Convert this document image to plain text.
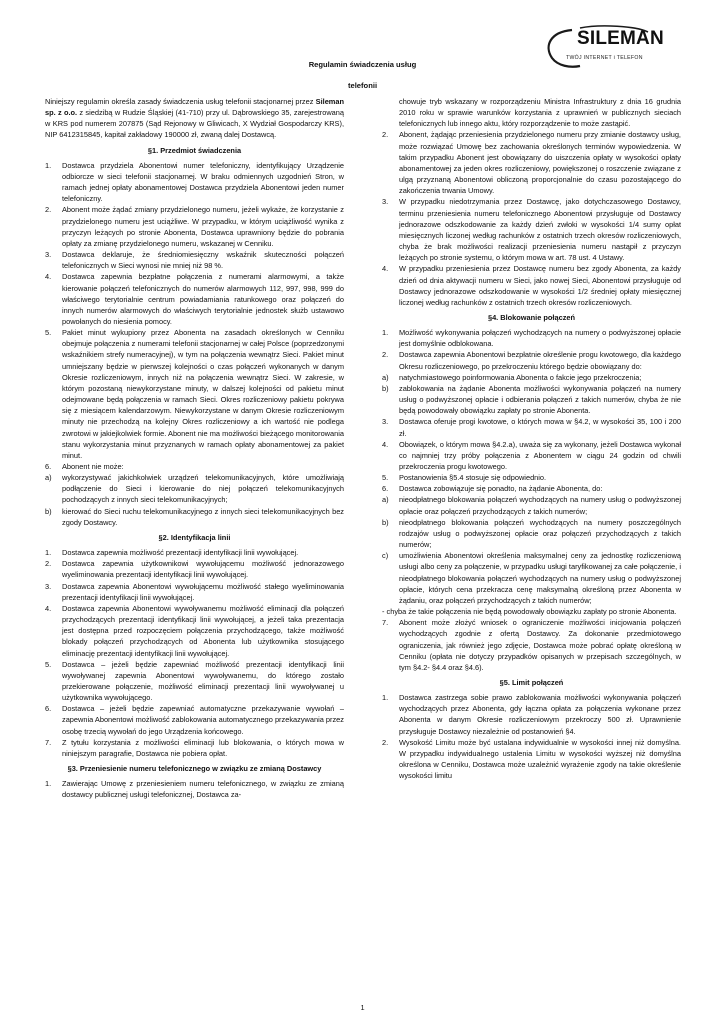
SILEMAN
TWÓJ INTERNET i TELEFON
Regulamin świadczenia usług
telefonii

Niniejszy regulamin określa zasady świadczenia usług telefonii stacjonarnej przez Sileman sp. z o.o. z siedzibą w Rudzie Śląskiej (41-710) przy ul. Dąbrowskiego 35, zarejestrowaną w KRS pod numerem 207875 (Sąd Rejonowy w Gliwicach, X Wydział Gospodarczy KRS), NIP 6412315845, kapitał zakładowy 190000 zł, zwaną dalej Dostawcą.

§1. Przedmiot świadczenia

1. Dostawca przydziela Abonentowi numer telefoniczny, identyfikujący Urządzenie odbiorcze w sieci telefonii stacjonarnej. W braku odmiennych uzgodnień Stron, w ramach jednej opłaty abonamentowej Dostawca przydziela Abonentowi jeden numer telefoniczny.

2. Abonent może żądać zmiany przydzielonego numeru, jeżeli wykaże, że korzystanie z przydzielonego numeru jest uciążliwe. W przypadku, w którym uciążliwość wynika z przyczyn leżących po stronie Abonenta, Dostawca uprawniony będzie do pobrania opłaty za zmianę przydzielonego numeru, wskazanej w Cenniku.

3. Dostawca deklaruje, że średniomiesięczny wskaźnik skuteczności połączeń telefonicznych w Sieci wynosi nie mniej niż 98 %.

4. Dostawca zapewnia bezpłatne połączenia z numerami alarmowymi, a także kierowanie połączeń telefonicznych do numerów alarmowych 112, 997, 998, 999 do właściwego terytorialnie centrum powiadamiania ratunkowego oraz połączeń do innych numerów alarmowych do właściwych terytorialnie jednostek służb ustawowo powołanych do niesienia pomocy.

5. Pakiet minut wykupiony przez Abonenta na zasadach określonych w Cenniku obejmuje połączenia z numerami telefonii stacjonarnej w całej Polsce (poprzedzonymi wskaźnikiem strefy numeracyjnej), w tym na połączenia wewnątrz Sieci. Pakiet minut umniejszany będzie w pierwszej kolejności o czas połączeń wykonanych w danym Okresie rozliczeniowym, innych niż na połączenia wewnątrz Sieci. W zakresie, w którym pozostaną niewykorzystane minuty, w dalszej kolejności od pakietu minut odejmowane będą połączenia w ramach Sieci. Okres rozliczeniowy pakietu pokrywa się z miesiącem kalendarzowym. Niewykorzystane w danym Okresie rozliczeniowym minuty nie przechodzą na kolejny Okres rozliczeniowy a ich wartość nie podlega zwrotowi w jakiejkolwiek formie. Abonent nie ma możliwości bieżącego monitorowania stanu wykorzystania minut przyznanych w ramach opłaty abonamentowej za pakiet minut.

6. Abonent nie może:

a) wykorzystywać jakichkolwiek urządzeń telekomunikacyjnych, które umożliwiają podłączenie do Sieci i kierowanie do niej połączeń telekomunikacyjnych pochodzących z innych sieci telekomunikacyjnych;

b) kierować do Sieci ruchu telekomunikacyjnego z innych sieci telekomunikacyjnych bez zgody Dostawcy.

§2. Identyfikacja linii

1. Dostawca zapewnia możliwość prezentacji identyfikacji linii wywołującej.

2. Dostawca zapewnia użytkownikowi wywołującemu możliwość jednorazowego wyeliminowania prezentacji identyfikacji linii wywołującej.

3. Dostawca zapewnia Abonentowi wywołującemu możliwość stałego wyeliminowania prezentacji identyfikacji linii wywołującej.

4. Dostawca zapewnia Abonentowi wywoływanemu możliwość eliminacji dla połączeń przychodzących prezentacji identyfikacji linii wywołującej, a jeżeli taka prezentacja jest dostępna przed rozpoczęciem połączenia przychodzącego, także możliwość blokady połączeń przychodzących od Abonenta lub użytkownika stosującego eliminację prezentacji identyfikacji linii wywołującej.

5. Dostawca – jeżeli będzie zapewniać możliwość prezentacji identyfikacji linii wywoływanej zapewnia Abonentowi wywoływanemu, do którego zostało przekierowane połączenie, możliwość eliminacji prezentacji linii wywoływanej u użytkownika wywołującego.

6. Dostawca – jeżeli będzie zapewniać automatyczne przekazywanie wywołań – zapewnia Abonentowi możliwość zablokowania automatycznego przekazywania przez osobę trzecią wywołań do jego Urządzenia końcowego.

7. Z tytułu korzystania z możliwości eliminacji lub blokowania, o których mowa w niniejszym paragrafie, Dostawca nie pobiera opłat.

§3. Przeniesienie numeru telefonicznego w związku ze zmianą Dostawcy

1. Zawierając Umowę z przeniesieniem numeru telefonicznego, w związku ze zmianą dostawcy publicznej usługi telefonicznej, Dostawca za-

chowuje tryb wskazany w rozporządzeniu Ministra Infrastruktury z dnia 16 grudnia 2010 roku w sprawie warunków korzystania z uprawnień w publicznych sieciach telefonicznych lub innego aktu, który rozporządzenie to może zastąpić.

2. Abonent, żądając przeniesienia przydzielonego numeru przy zmianie dostawcy usług, może rozwiązać Umowę bez zachowania określonych terminów wypowiedzenia. W takim przypadku Abonent jest obowiązany do uiszczenia opłaty w wysokości opłaty abonamentowej za jeden okres rozliczeniowy, powiększonej o roszczenie związane z ulgą przyznaną Abonentowi obliczoną proporcjonalnie do czasu pozostającego do zakończenia trwania Umowy.

3. W przypadku niedotrzymania przez Dostawcę, jako dotychczasowego Dostawcy, terminu przeniesienia numeru telefonicznego Abonentowi przysługuje od Dostawcy jednorazowe odszkodowanie za każdy dzień zwłoki w wysokości 1/4 sumy opłat miesięcznych liczonej według rachunków z ostatnich trzech okresów rozliczeniowych, chyba że brak możliwości realizacji przeniesienia numeru nastąpił z przyczyn leżących po stronie systemu, o którym mowa w art. 78 ust. 4 Ustawy.

4. W przypadku przeniesienia przez Dostawcę numeru bez zgody Abonenta, za każdy dzień od dnia aktywacji numeru w Sieci, jako nowej Sieci, Abonentowi przysługuje od Dostawcy jednorazowe odszkodowanie w wysokości 1/2 średniej opłaty miesięcznej liczonej według rachunków z ostatnich trzech okresów rozliczeniowych.

§4. Blokowanie połączeń

1. Możliwość wykonywania połączeń wychodzących na numery o podwyższonej opłacie jest domyślnie odblokowana.

2. Dostawca zapewnia Abonentowi bezpłatnie określenie progu kwotowego, dla każdego Okresu rozliczeniowego, po przekroczeniu którego będzie obowiązany do:

a) natychmiastowego poinformowania Abonenta o fakcie jego przekroczenia;

b) zablokowania na żądanie Abonenta możliwości wykonywania połączeń na numery usług o podwyższonej opłacie i odbierania połączeń z takich numerów, chyba że nie będą powodowały obowiązku zapłaty po stronie Abonenta.

3. Dostawca oferuje progi kwotowe, o których mowa w §4.2, w wysokości 35, 100 i 200 zł.

4. Obowiązek, o którym mowa §4.2.a), uważa się za wykonany, jeżeli Dostawca wykonał co najmniej trzy próby połączenia z Abonentem w ciągu 24 godzin od chwili przekroczenia progu kwotowego.

5. Postanowienia §5.4 stosuje się odpowiednio.

6. Dostawca zobowiązuje się ponadto, na żądanie Abonenta, do:

a) nieodpłatnego blokowania połączeń wychodzących na numery usług o podwyższonej opłacie oraz połączeń przychodzących z takich numerów;

b) nieodpłatnego blokowania połączeń wychodzących na numery poszczególnych rodzajów usług o podwyższonej opłacie oraz połączeń przychodzących z takich numerów;

c) umożliwienia Abonentowi określenia maksymalnej ceny za jednostkę rozliczeniową usługi albo ceny za połączenie, w przypadku usługi taryfikowanej za całe połączenie, i nieodpłatnego blokowania połączeń wychodzących na numery usług o podwyższonej opłacie, których cena przekracza cenę maksymalną określoną przez Abonenta w żądaniu, oraz połączeń przychodzących z takich numerów;

- chyba że takie połączenia nie będą powodowały obowiązku zapłaty po stronie Abonenta.

7. Abonent może złożyć wniosek o ograniczenie możliwości inicjowania połączeń wychodzących zgodnie z ofertą Dostawcy. Za dokonanie przedmiotowego ograniczenia, jak również jego zdjęcie, Dostawca może pobrać opłatę określoną w Cenniku (opłata nie dotyczy przypadków opisanych w przepisach szczególnych, w tym §4.2- §4.4 oraz §4.6).

§5. Limit połączeń

1. Dostawca zastrzega sobie prawo zablokowania możliwości wykonywania połączeń wychodzących przez Abonenta, gdy łączna opłata za połączenia wykonane przez Abonenta w danym Okresie rozliczeniowym przekroczy 500 zł. Uprawnienie przysługuje Dostawcy niezależnie od postanowień §4.

2. Wysokość Limitu może być ustalana indywidualnie w wysokości innej niż domyślna. W przypadku indywidualnego ustalenia Limitu w wysokości wyższej niż domyślna określona w Cenniku, Dostawca może uzależnić wyrażenie zgody na takie określenie wysokości limitu

1
